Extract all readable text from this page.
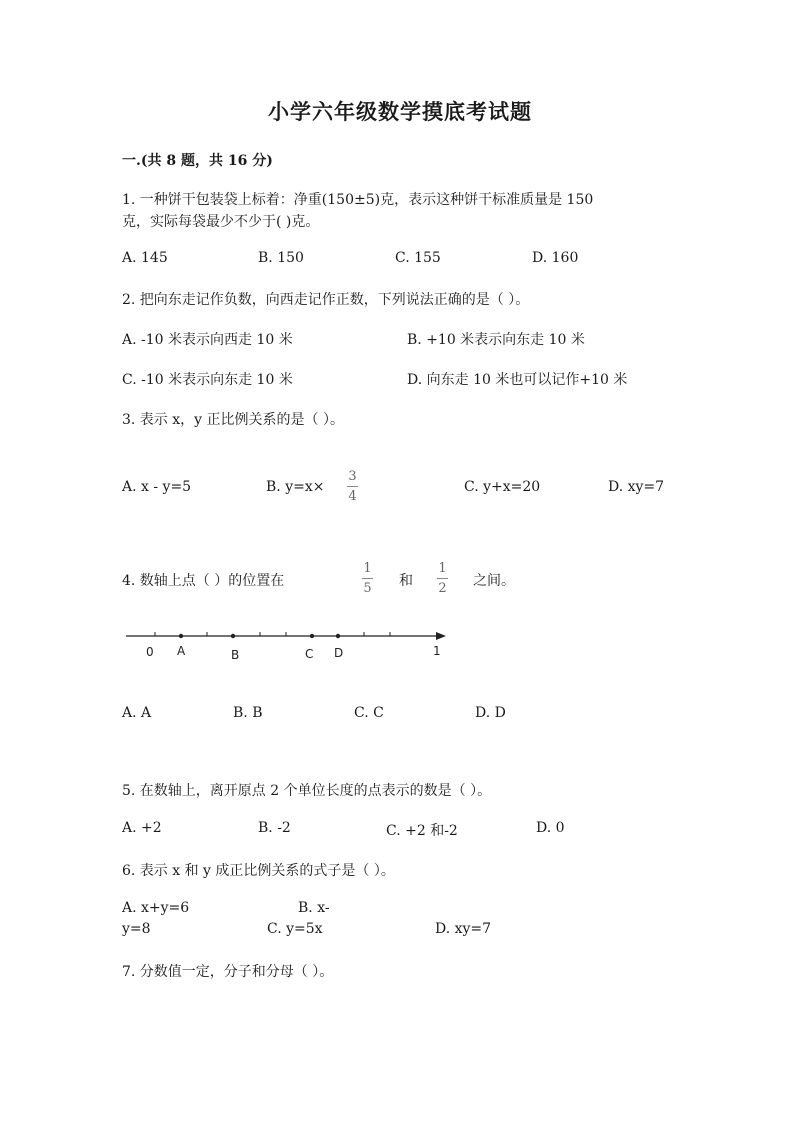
小学六年级数学摸底考试题
一.(共 8 题，共 16 分)
1. 一种饼干包装袋上标着：净重(150±5)克，表示这种饼干标准质量是 150
克，实际每袋最少不少于( )克。
A. 145	B. 150	C. 155	D. 160
2. 把向东走记作负数，向西走记作正数，下列说法正确的是（ ）。
A. -10 米表示向西走 10 米	B. +10 米表示向东走 10 米
C. -10 米表示向东走 10 米	D. 向东走 10 米也可以记作+10 米
3. 表示 x，y 正比例关系的是（ ）。
A. x - y=5	B. y=x×
3
4
C. y+x=20	D. xy=7
4. 数轴上点（ ）的位置在
1
5 和
1
2 之间。
0 A	B	C D	1
A. A	B. B	C. C	D. D
5. 在数轴上，离开原点 2 个单位长度的点表示的数是（ ）。
A. +2	B. -2	C. +2 和-2	D. 0
6. 表示 x 和 y 成正比例关系的式子是（ ）。
A. x+y=6	B. x-
y=8	C. y=5x	D. xy=7
7. 分数值一定，分子和分母（ ）。
